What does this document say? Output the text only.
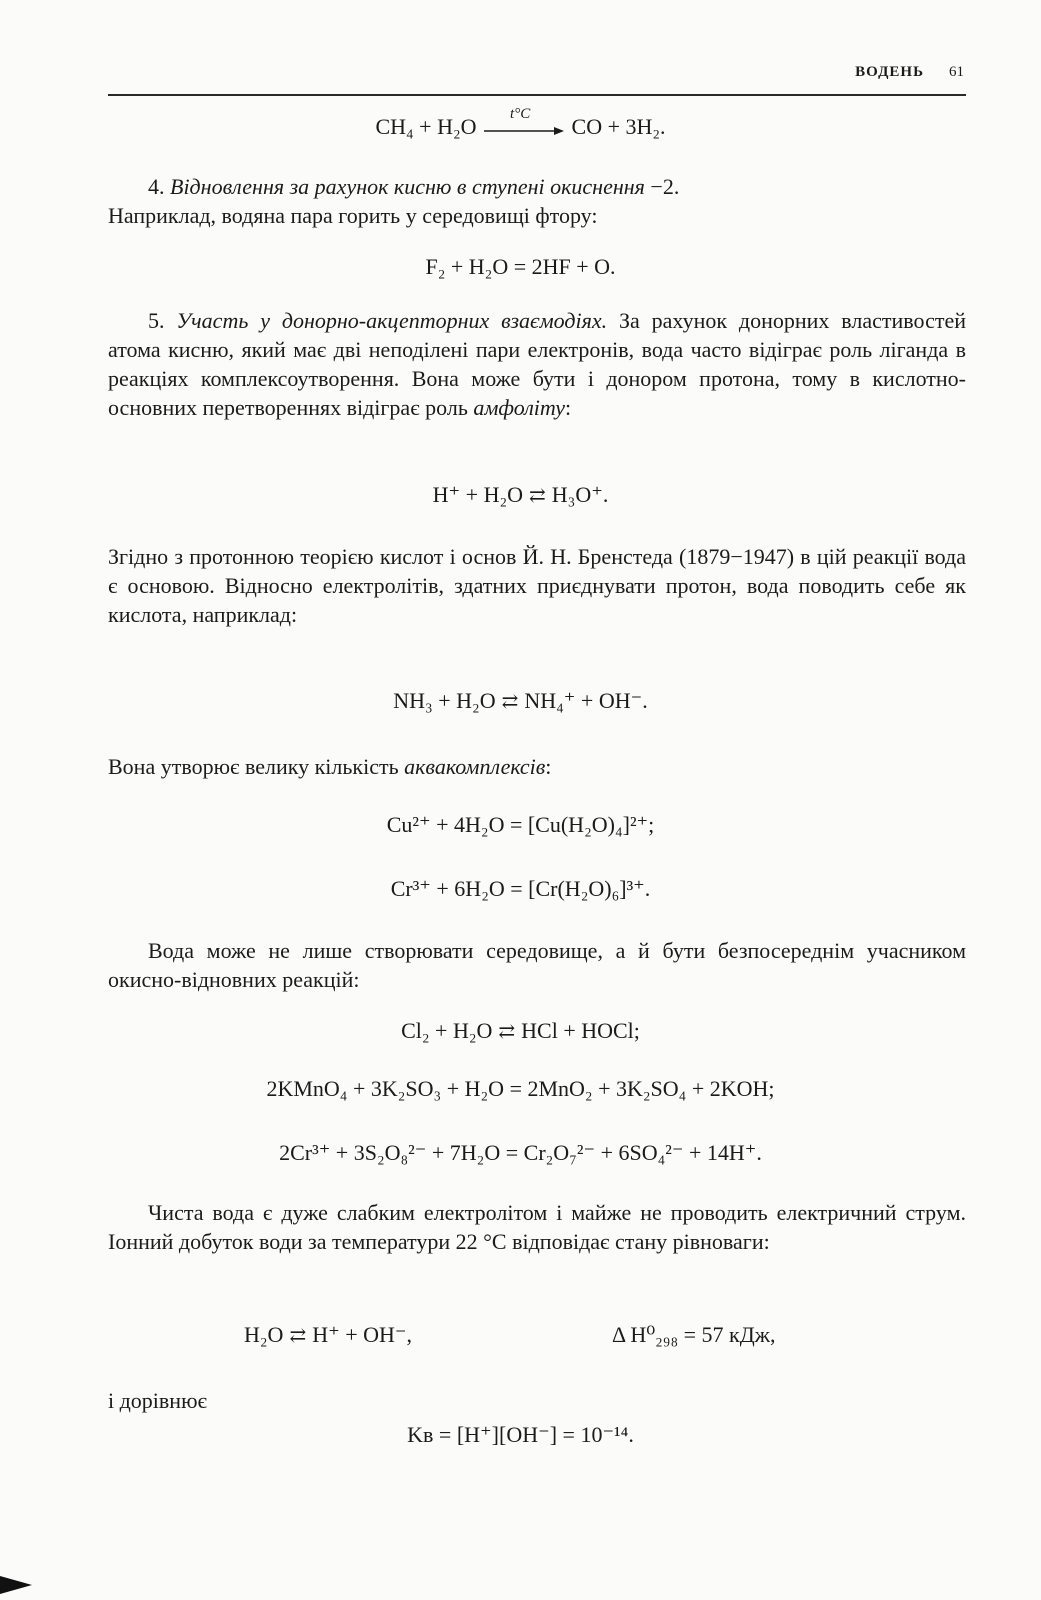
ВОДЕНЬ 61
CH₄ + H₂O
t°C
CO + 3H₂.
4. Відновлення за рахунок кисню в ступені окиснення −2.
Наприклад, водяна пара горить у середовищі фтору:
F₂ + H₂O = 2HF + O.
5. Участь у донорно-акцепторних взаємодіях. За рахунок донорних властивостей атома кисню, який має дві неподілені пари електронів, вода часто відіграє роль ліганда в реакціях комплексоутворення. Вона може бути і донором протона, тому в кислотно-основних перетвореннях відіграє роль амфоліту:
H⁺ + H₂O ⇄ H₃O⁺.
Згідно з протонною теорією кислот і основ Й. Н. Бренстеда (1879−1947) в цій реакції вода є основою. Відносно електролітів, здатних приєднувати протон, вода поводить себе як кислота, наприклад:
NH₃ + H₂O ⇄ NH₄⁺ + OH⁻.
Вона утворює велику кількість аквакомплексів:
Cu²⁺ + 4H₂O = [Cu(H₂O)₄]²⁺;
Cr³⁺ + 6H₂O = [Cr(H₂O)₆]³⁺.
Вода може не лише створювати середовище, а й бути безпосереднім учасником окисно-відновних реакцій:
Cl₂ + H₂O ⇄ HCl + HOCl;
2KMnO₄ + 3K₂SO₃ + H₂O = 2MnO₂ + 3K₂SO₄ + 2KOH;
2Cr³⁺ + 3S₂O₈²⁻ + 7H₂O = Cr₂O₇²⁻ + 6SO₄²⁻ + 14H⁺.
Чиста вода є дуже слабким електролітом і майже не проводить електричний струм. Іонний добуток води за температури 22 °C відповідає стану рівноваги:
H₂O ⇄ H⁺ + OH⁻,	Δ H⁰₂₉₈ = 57 кДж,
і дорівнює
Kв = [H⁺][OH⁻] = 10⁻¹⁴.
